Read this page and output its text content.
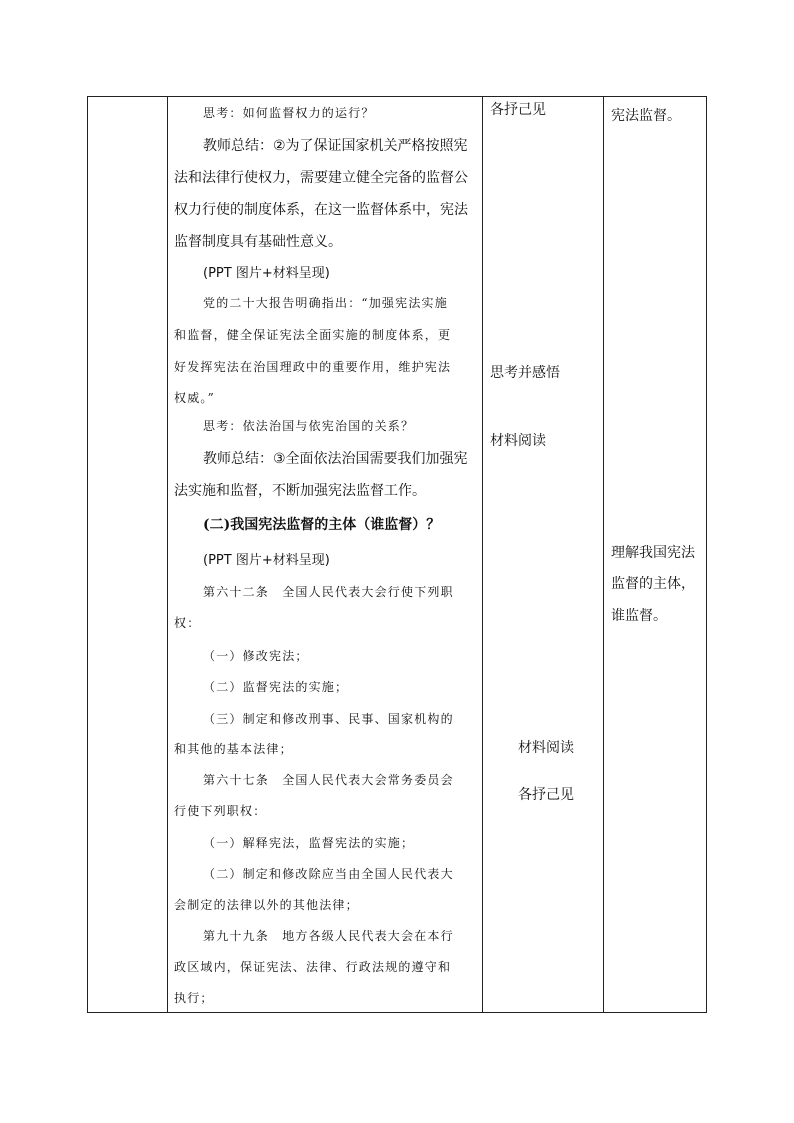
思考：如何监督权力的运行？
教师总结：②为了保证国家机关严格按照宪
法和法律行使权力，需要建立健全完备的监督公
权力行使的制度体系，在这一监督体系中，宪法
监督制度具有基础性意义。
(PPT 图片+材料呈现)
党的二十大报告明确指出：“加强宪法实施
和监督，健全保证宪法全面实施的制度体系，更
好发挥宪法在治国理政中的重要作用，维护宪法
权威。”
思考：依法治国与依宪治国的关系？
教师总结：③全面依法治国需要我们加强宪
法实施和监督，不断加强宪法监督工作。
(二)我国宪法监督的主体（谁监督）？
(PPT 图片+材料呈现)
第六十二条　全国人民代表大会行使下列职
权：
（一）修改宪法；
（二）监督宪法的实施；
（三）制定和修改刑事、民事、国家机构的
和其他的基本法律；
第六十七条　全国人民代表大会常务委员会
行使下列职权：
（一）解释宪法，监督宪法的实施；
（二）制定和修改除应当由全国人民代表大
会制定的法律以外的其他法律；
第九十九条　地方各级人民代表大会在本行
政区域内，保证宪法、法律、行政法规的遵守和
执行；
各抒己见
思考并感悟
材料阅读
材料阅读
各抒己见
宪法监督。
理解我国宪法
监督的主体，
谁监督。
